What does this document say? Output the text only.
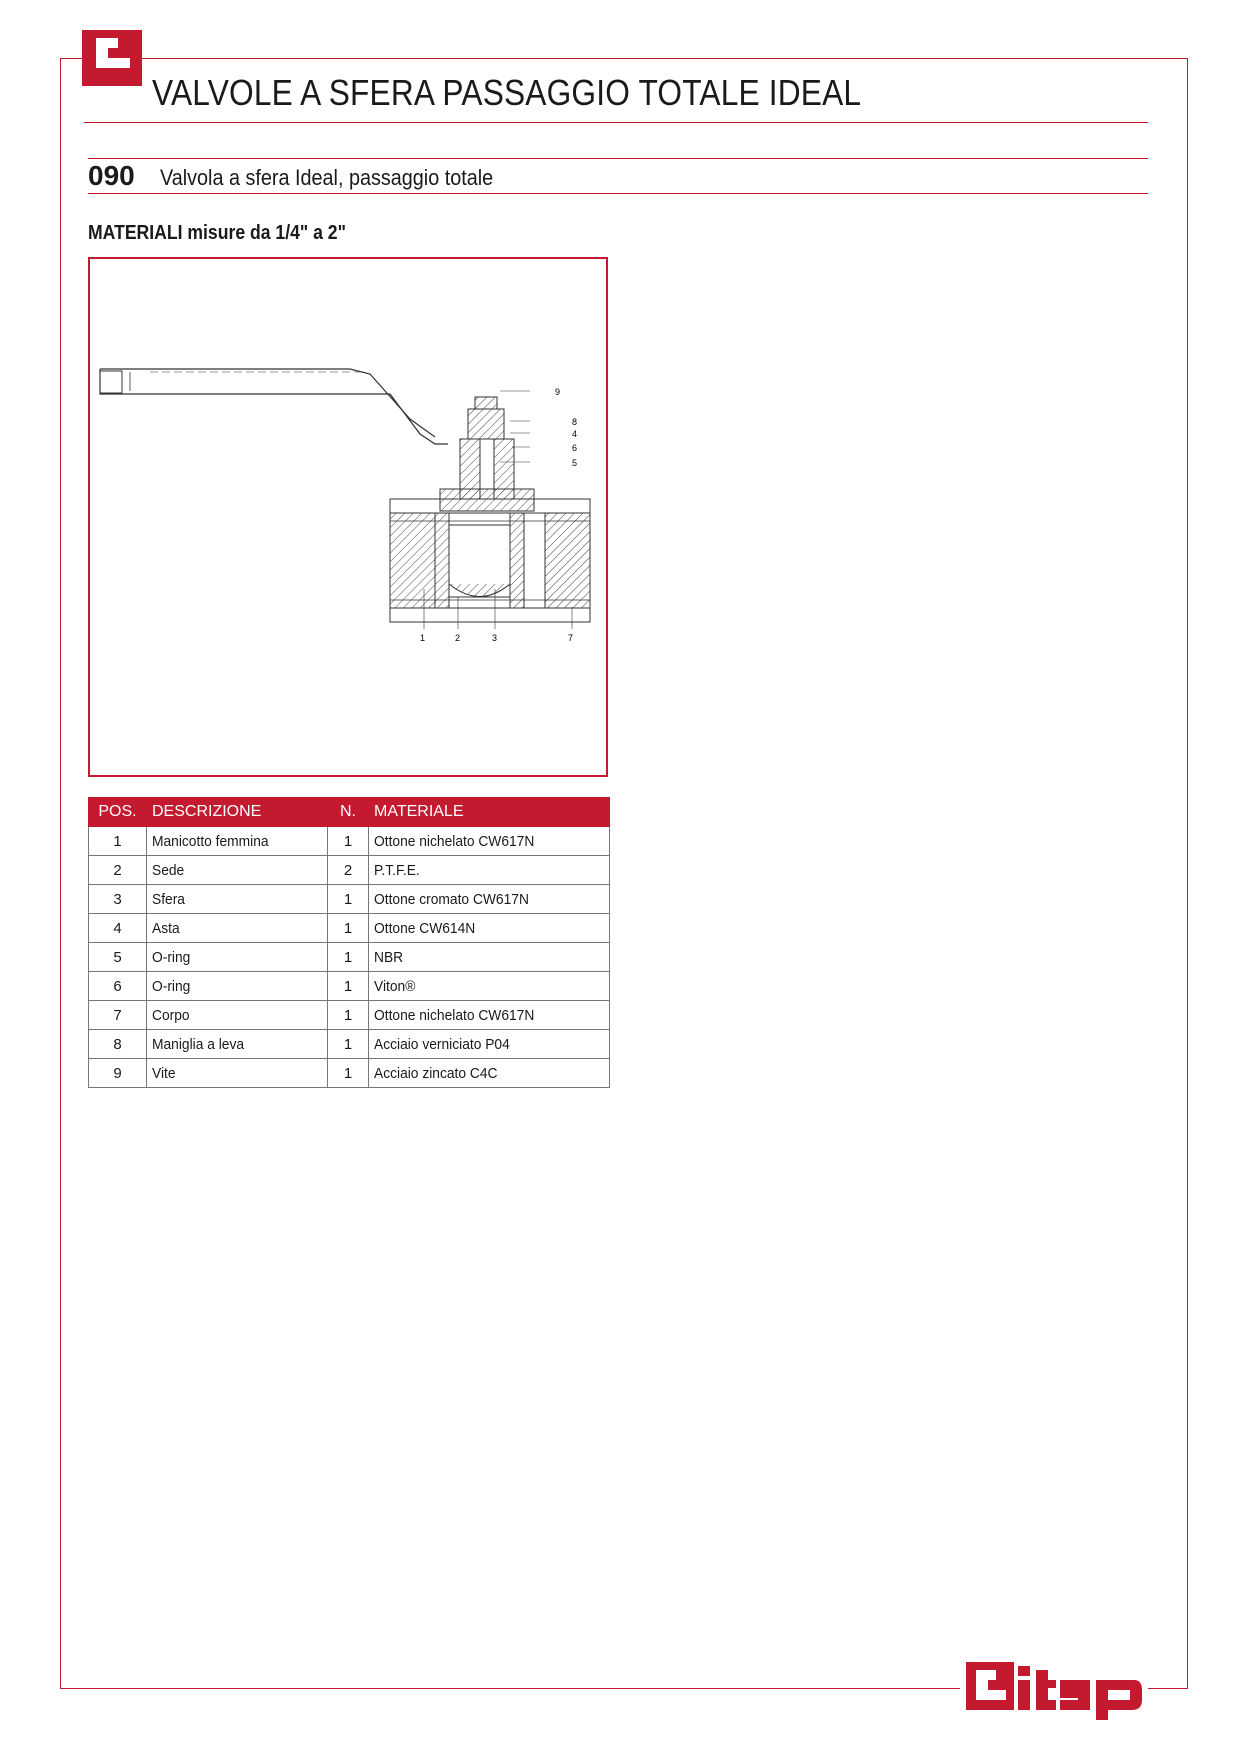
VALVOLE A SFERA PASSAGGIO TOTALE IDEAL
090 Valvola a sfera Ideal, passaggio totale
MATERIALI misure da 1/4" a 2"
9
8
4
6
5
1	2	3	7
POS.	DESCRIZIONE	N.	MATERIALE
1	Manicotto femmina	1	Ottone nichelato CW617N
2	Sede	2	P.T.F.E.
3	Sfera	1	Ottone cromato CW617N
4	Asta	1	Ottone CW614N
5	O-ring	1	NBR
6	O-ring	1	Viton®
7	Corpo	1	Ottone nichelato CW617N
8	Maniglia a leva	1	Acciaio verniciato P04
9	Vite	1	Acciaio zincato C4C
